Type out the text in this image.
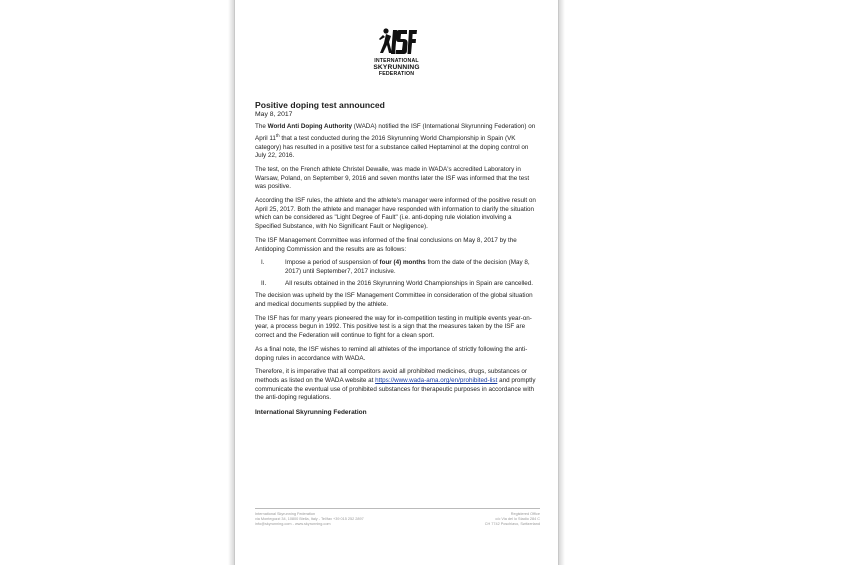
INTERNATIONAL
SKYRUNNING
FEDERATION
Positive doping test announced
May 8, 2017

The World Anti Doping Authority (WADA) notified the ISF (International Skyrunning Federation) on April 11th that a test conducted during the 2016 Skyrunning World Championship in Spain (VK category) has resulted in a positive test for a substance called Heptaminol at the doping control on July 22, 2016.

The test, on the French athlete Christel Dewalle, was made in WADA's accredited Laboratory in Warsaw, Poland, on September 9, 2016 and seven months later the ISF was informed that the test was positive.

According the ISF rules, the athlete and the athlete's manager were informed of the positive result on April 25, 2017. Both the athlete and manager have responded with information to clarify the situation which can be considered as "Light Degree of Fault" (i.e. anti-doping rule violation involving a Specified Substance, with No Significant Fault or Negligence).

The ISF Management Committee was informed of the final conclusions on May 8, 2017 by the Antidoping Commission and the results are as follows:

I.	Impose a period of suspension of four (4) months from the date of the decision (May 8, 2017) until September7, 2017 inclusive.
II.	All results obtained in the 2016 Skyrunning World Championships in Spain are cancelled.

The decision was upheld by the ISF Management Committee in consideration of the global situation and medical documents supplied by the athlete.

The ISF has for many years pioneered the way for in-competition testing in multiple events year-on-year, a process begun in 1992. This positive test is a sign that the measures taken by the ISF are correct and the Federation will continue to fight for a clean sport.

As a final note, the ISF wishes to remind all athletes of the importance of strictly following the anti-doping rules in accordance with WADA.

Therefore, it is imperative that all competitors avoid all prohibited medicines, drugs, substances or methods as listed on the WADA website at https://www.wada-ama.org/en/prohibited-list and promptly communicate the eventual use of prohibited substances for therapeutic purposes in accordance with the anti-doping regulations.

International Skyrunning Federation
International Skyrunning Federation
via Montegozzi 34, 10800 Biella, Italy - Tel/fax +39 015 252 2897
info@skyrunning.com - www.skyrunning.com
Registered Office
c/o Via del lo Stadio 284 C
CH 7742 Poschiavo, Switzerland
